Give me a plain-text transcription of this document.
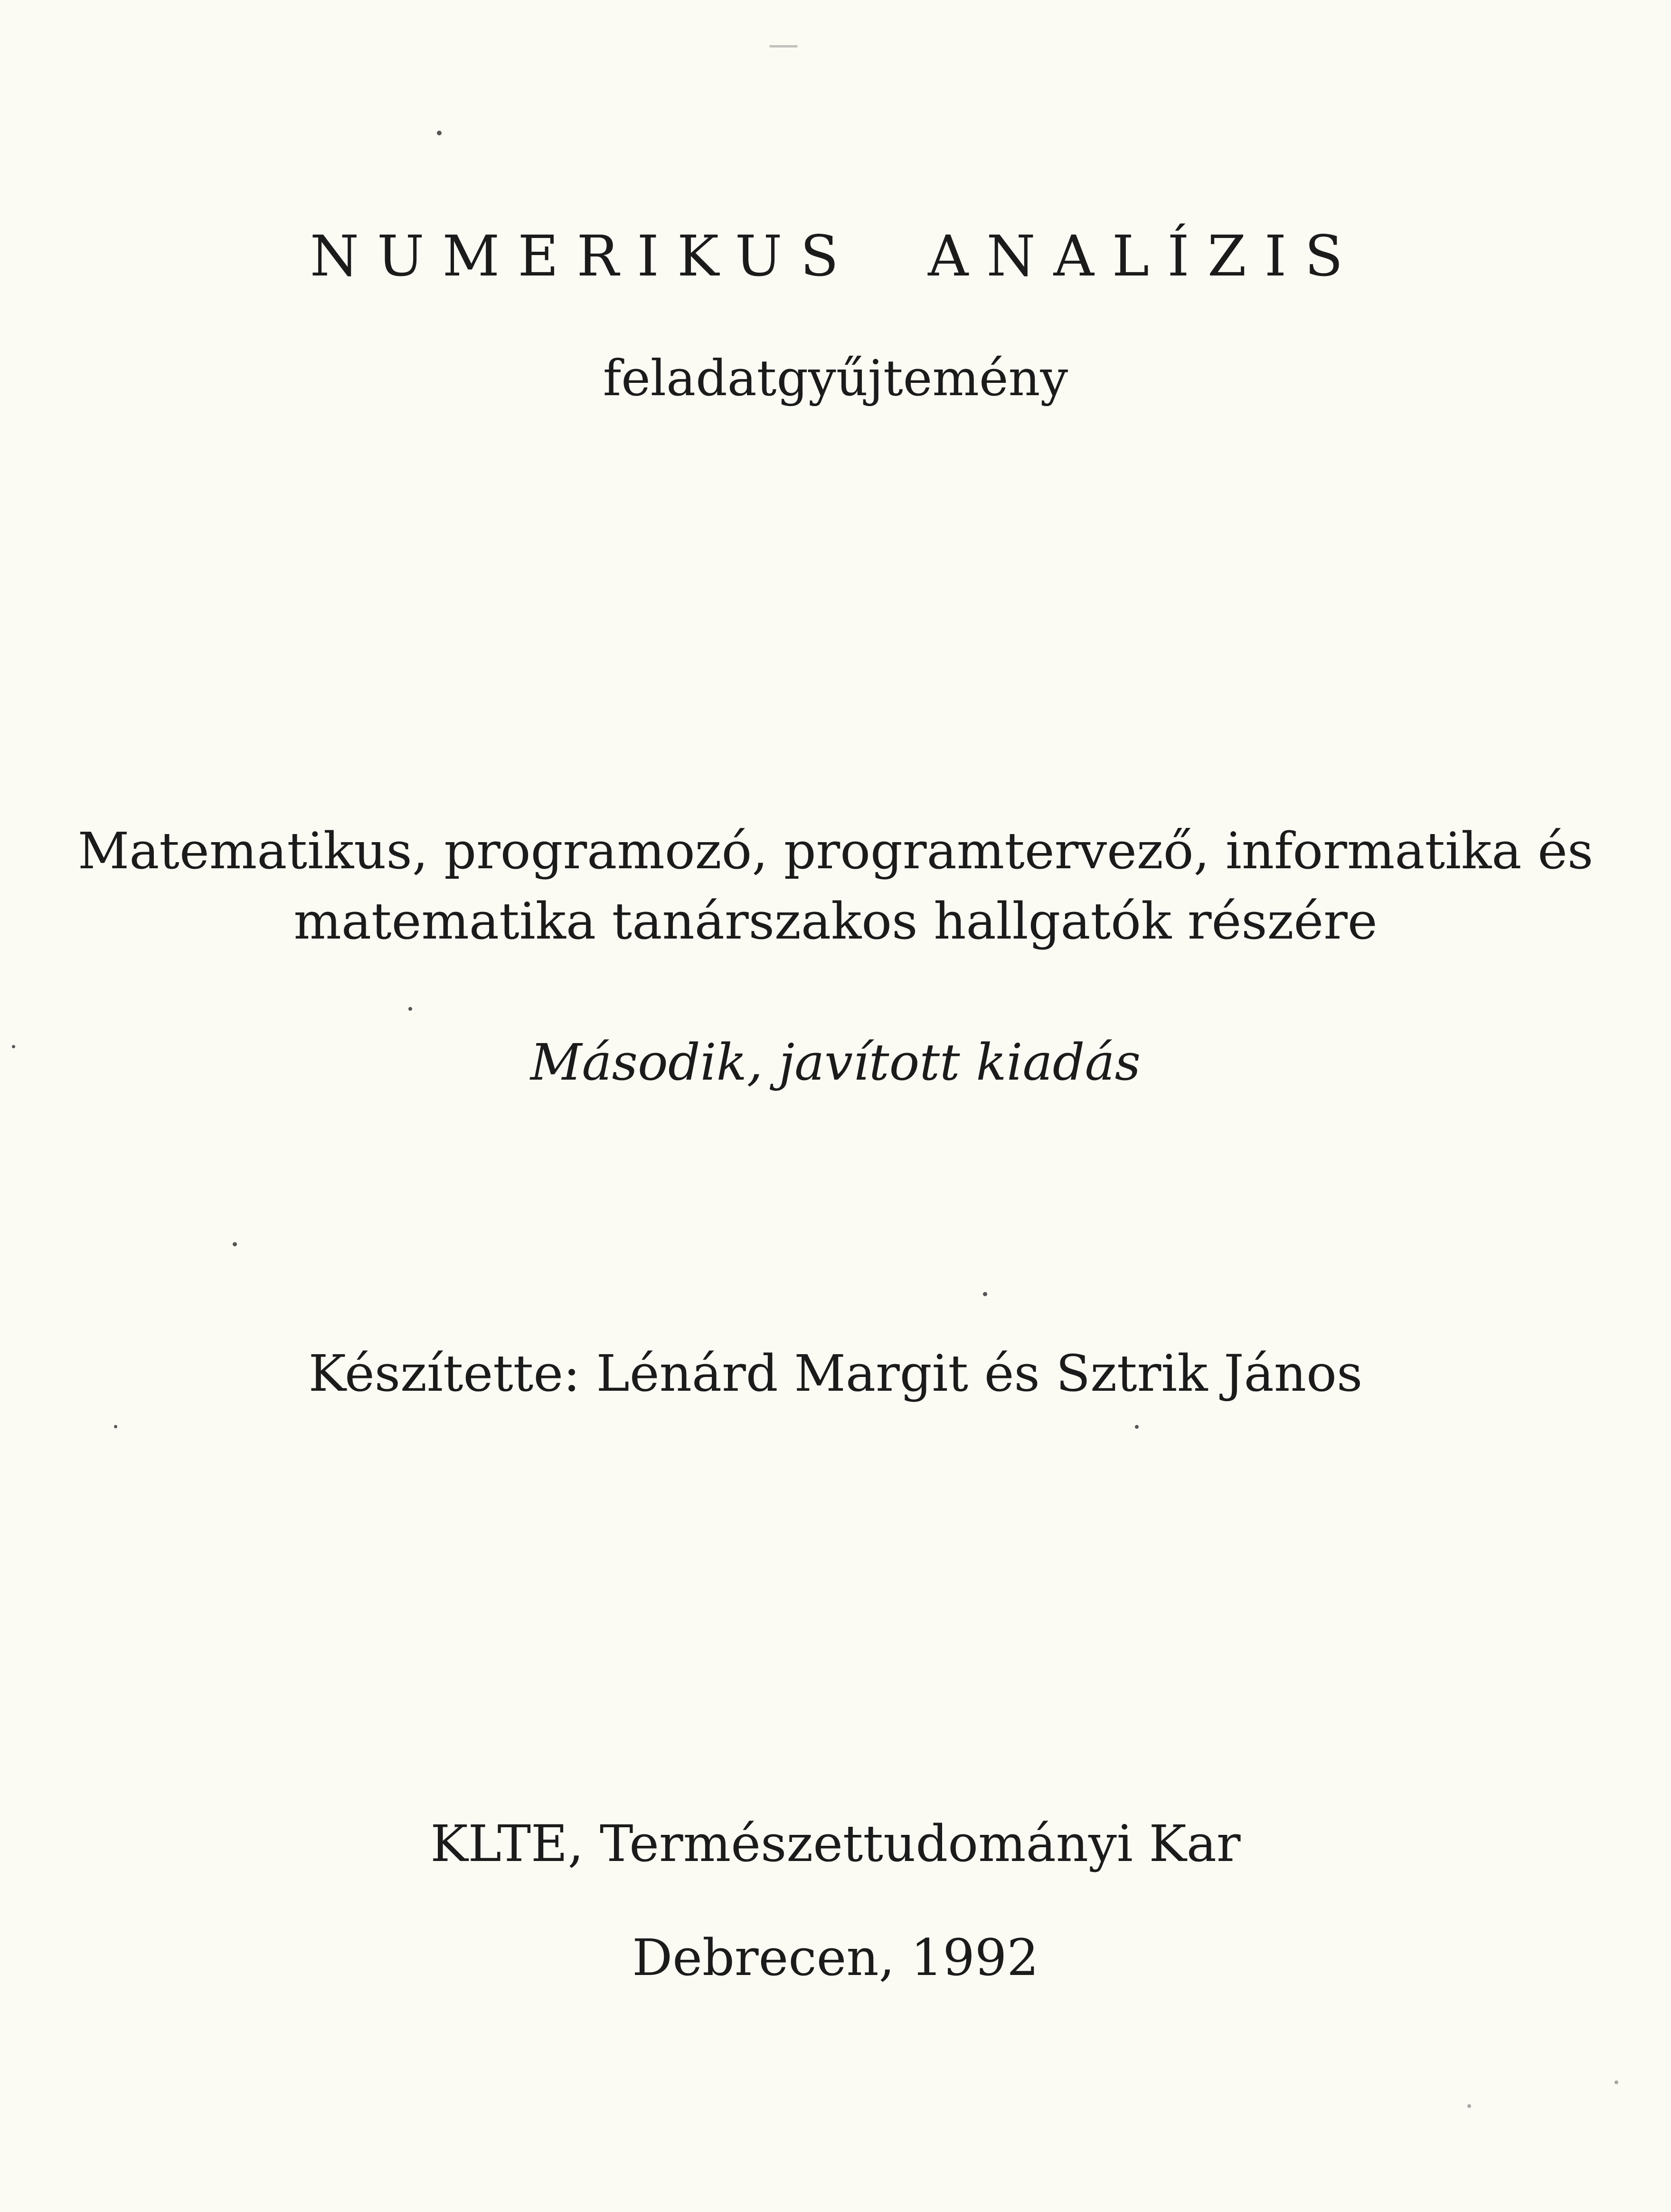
NUMERIKUS ANALÍZIS
feladatgyűjtemény
Matematikus, programozó, programtervező, informatika és
matematika tanárszakos hallgatók részére
Második, javított kiadás
Készítette: Lénárd Margit és Sztrik János
KLTE, Természettudományi Kar
Debrecen, 1992
